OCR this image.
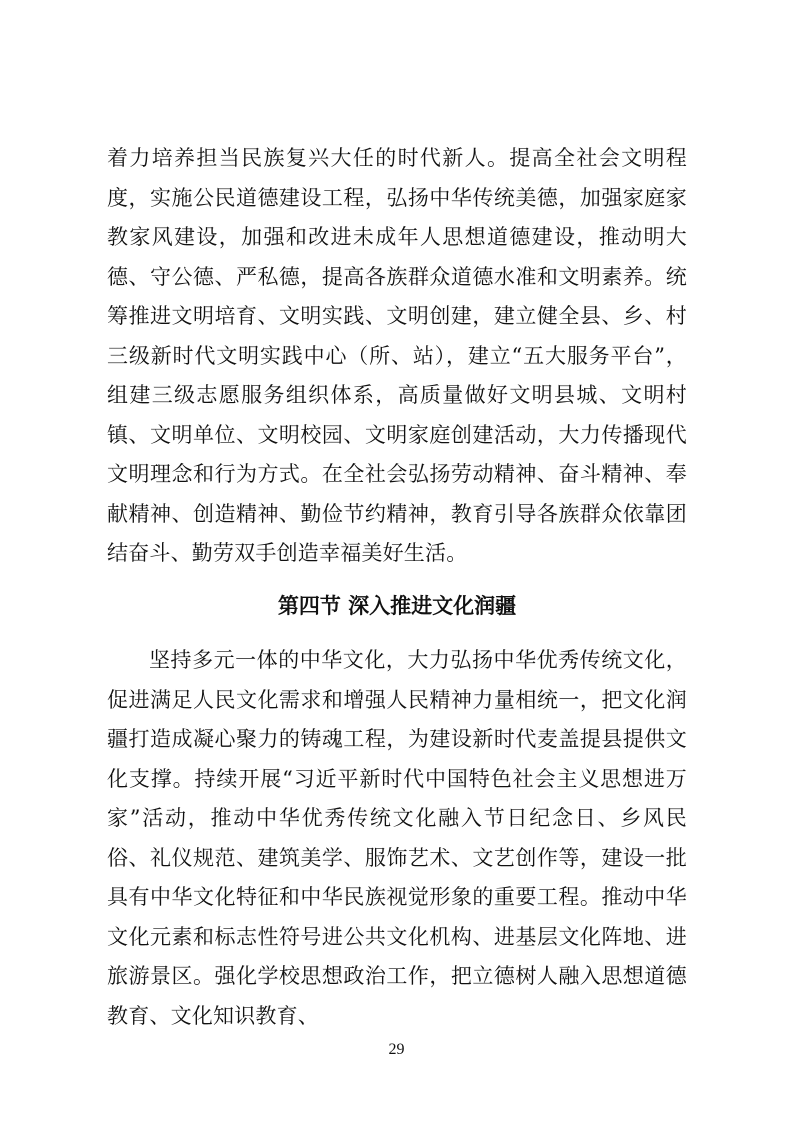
着力培养担当民族复兴大任的时代新人。提高全社会文明程度，实施公民道德建设工程，弘扬中华传统美德，加强家庭家教家风建设，加强和改进未成年人思想道德建设，推动明大德、守公德、严私德，提高各族群众道德水准和文明素养。统筹推进文明培育、文明实践、文明创建，建立健全县、乡、村三级新时代文明实践中心（所、站），建立“五大服务平台”，组建三级志愿服务组织体系，高质量做好文明县城、文明村镇、文明单位、文明校园、文明家庭创建活动，大力传播现代文明理念和行为方式。在全社会弘扬劳动精神、奋斗精神、奉献精神、创造精神、勤俭节约精神，教育引导各族群众依靠团结奋斗、勤劳双手创造幸福美好生活。

第四节 深入推进文化润疆

坚持多元一体的中华文化，大力弘扬中华优秀传统文化，促进满足人民文化需求和增强人民精神力量相统一，把文化润疆打造成凝心聚力的铸魂工程，为建设新时代麦盖提县提供文化支撑。持续开展“习近平新时代中国特色社会主义思想进万家”活动，推动中华优秀传统文化融入节日纪念日、乡风民俗、礼仪规范、建筑美学、服饰艺术、文艺创作等，建设一批具有中华文化特征和中华民族视觉形象的重要工程。推动中华文化元素和标志性符号进公共文化机构、进基层文化阵地、进旅游景区。强化学校思想政治工作，把立德树人融入思想道德教育、文化知识教育、

29
